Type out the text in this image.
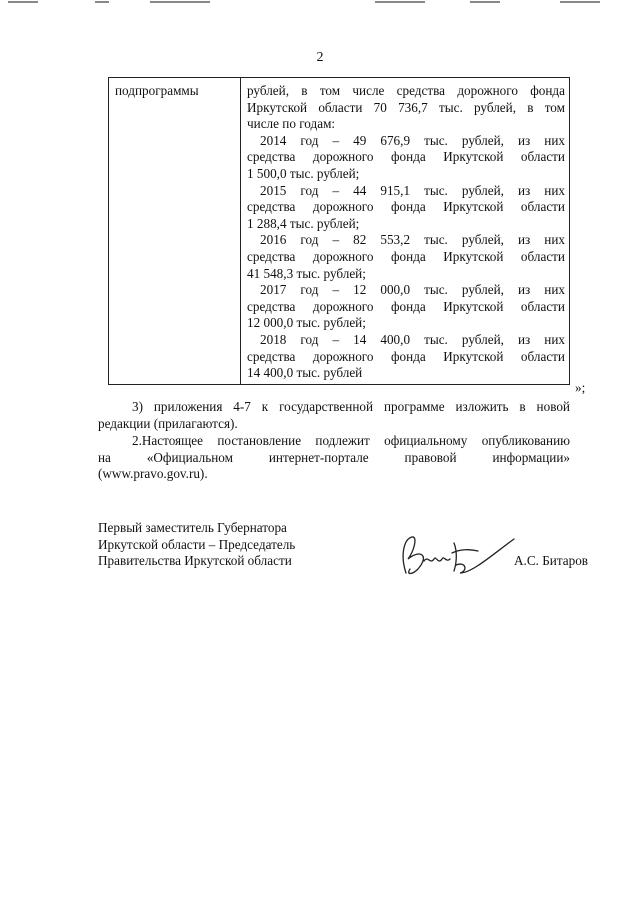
2
подпрограммы	рублей, в том числе средства дорожного фонда
Иркутской области 70 736,7 тыс. рублей, в том
числе по годам:
2014 год – 49 676,9 тыс. рублей, из них
средства дорожного фонда Иркутской области
1 500,0 тыс. рублей;
2015 год – 44 915,1 тыс. рублей, из них
средства дорожного фонда Иркутской области
1 288,4 тыс. рублей;
2016 год – 82 553,2 тыс. рублей, из них
средства дорожного фонда Иркутской области
41 548,3 тыс. рублей;
2017 год – 12 000,0 тыс. рублей, из них
средства дорожного фонда Иркутской области
12 000,0 тыс. рублей;
2018 год – 14 400,0 тыс. рублей, из них
средства дорожного фонда Иркутской области
14 400,0 тыс. рублей
»;
3) приложения 4-7 к государственной программе изложить в новой
редакции (прилагаются).
2.Настоящее постановление подлежит официальному опубликованию
на «Официальном интернет-портале правовой информации»
(www.pravo.gov.ru).
Первый заместитель Губернатора
Иркутской области – Председатель
Правительства Иркутской области	А.С. Битаров
